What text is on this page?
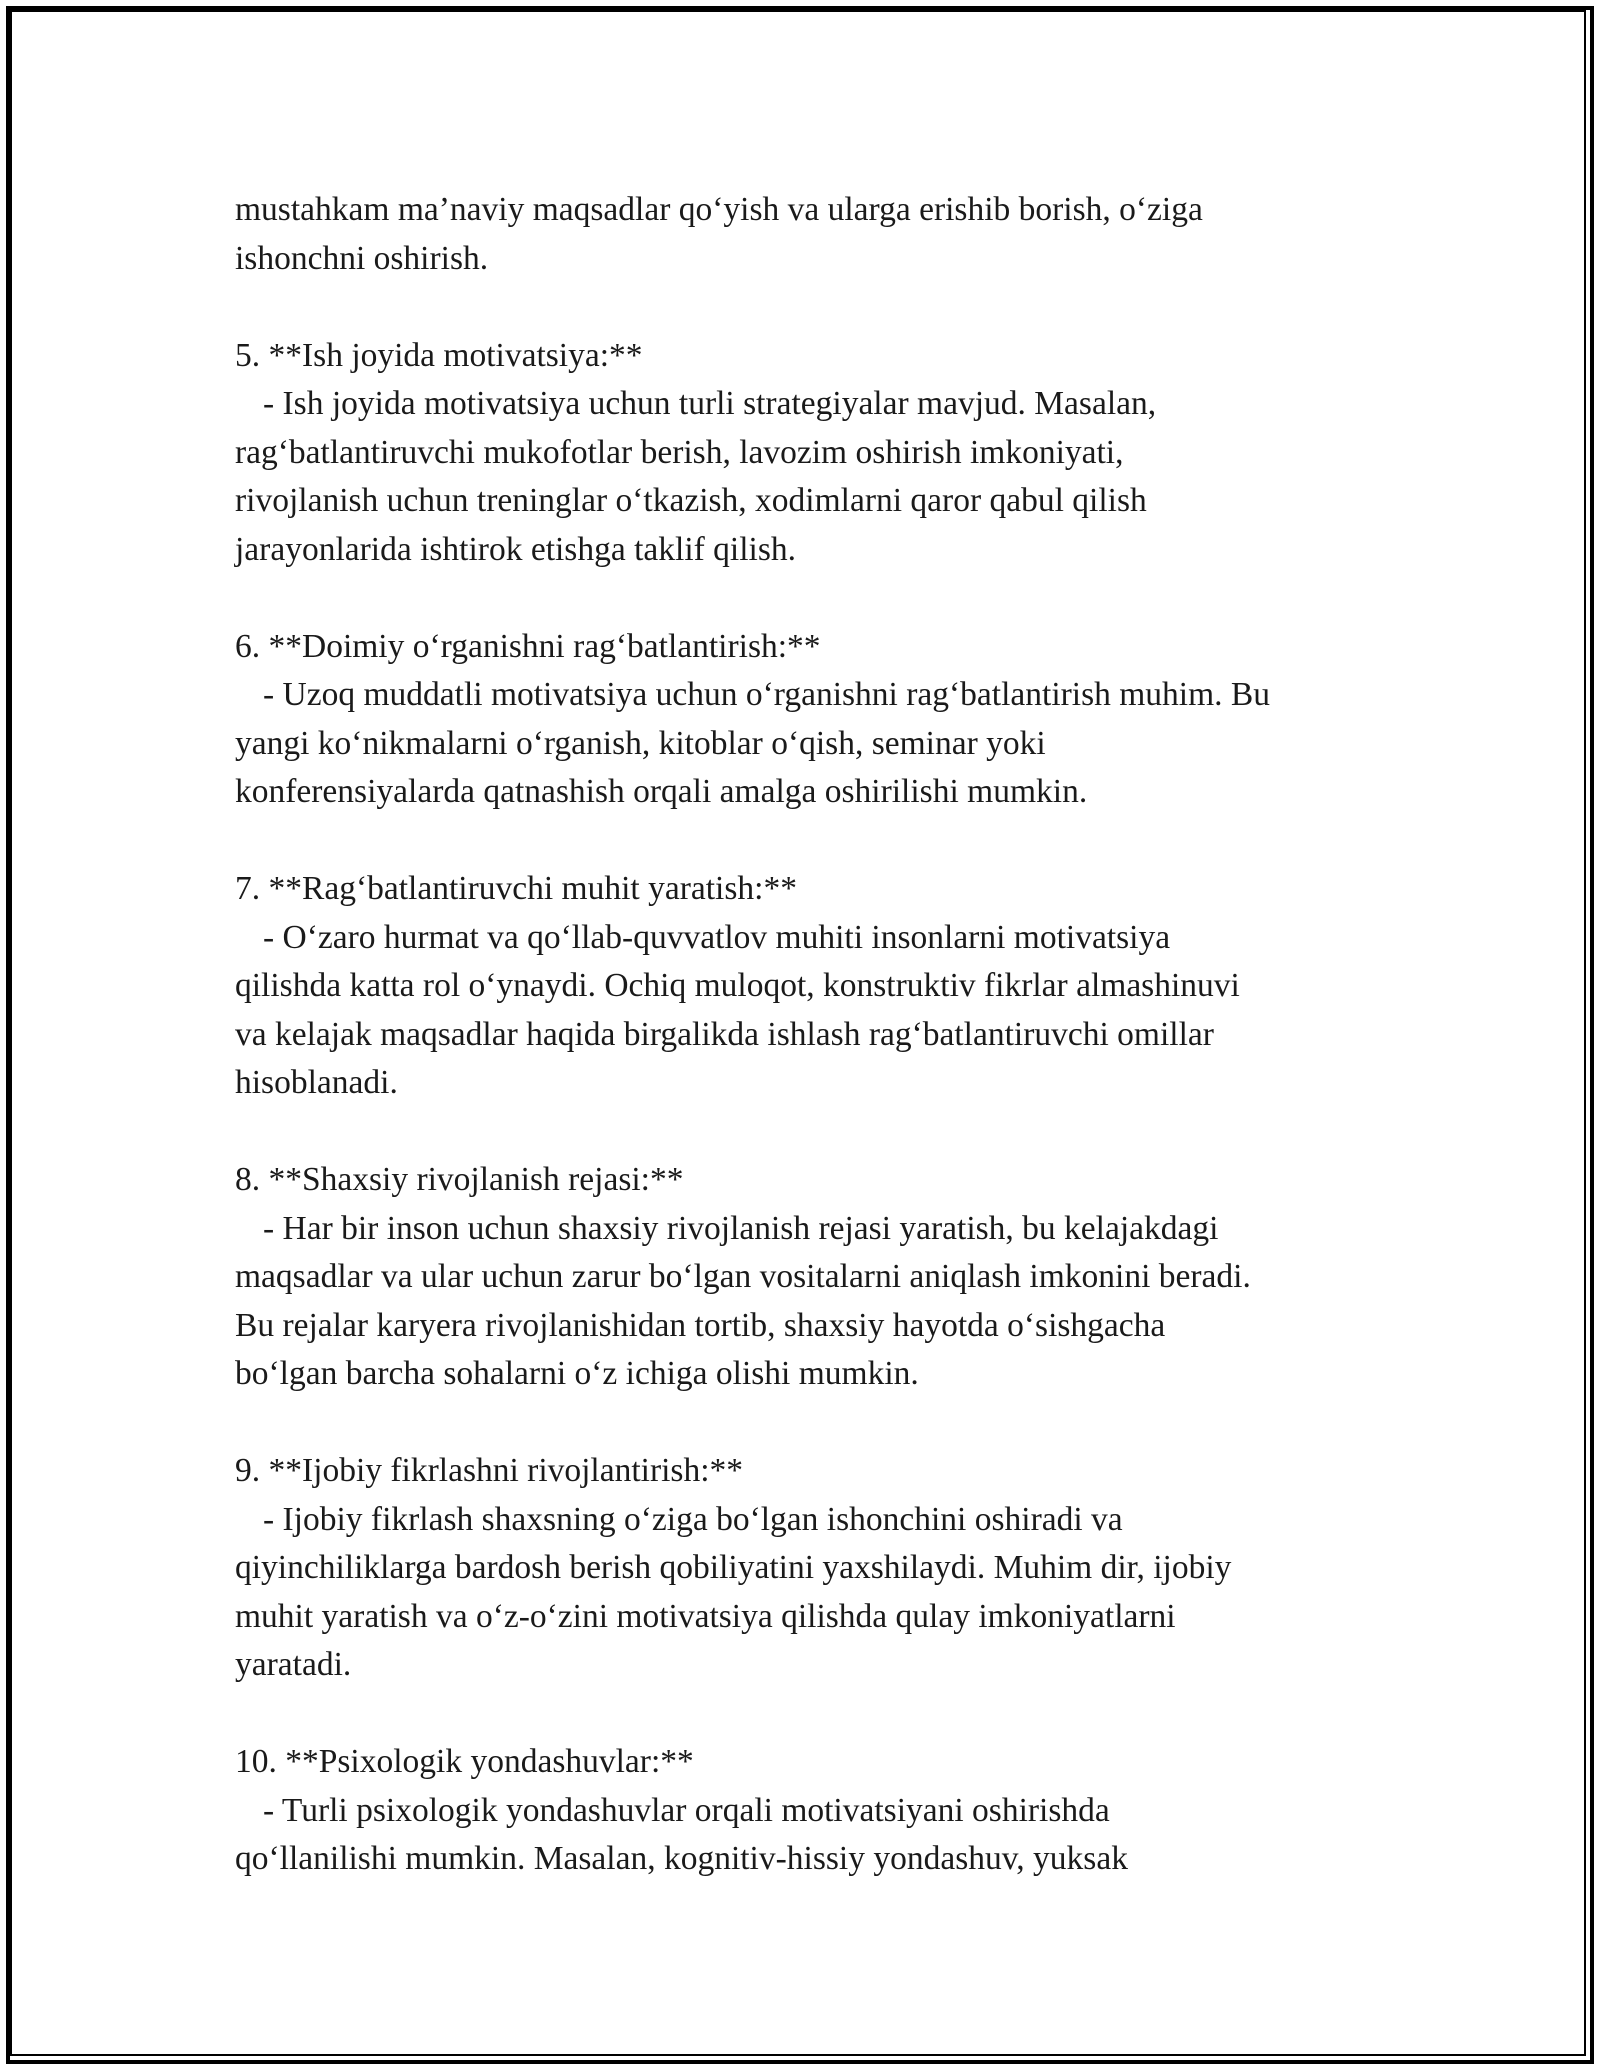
mustahkam ma’naviy maqsadlar qo‘yish va ularga erishib borish, o‘ziga
ishonchni oshirish.
5. **Ish joyida motivatsiya:**
- Ish joyida motivatsiya uchun turli strategiyalar mavjud. Masalan,
rag‘batlantiruvchi mukofotlar berish, lavozim oshirish imkoniyati,
rivojlanish uchun treninglar o‘tkazish, xodimlarni qaror qabul qilish
jarayonlarida ishtirok etishga taklif qilish.
6. **Doimiy o‘rganishni rag‘batlantirish:**
- Uzoq muddatli motivatsiya uchun o‘rganishni rag‘batlantirish muhim. Bu
yangi ko‘nikmalarni o‘rganish, kitoblar o‘qish, seminar yoki
konferensiyalarda qatnashish orqali amalga oshirilishi mumkin.
7. **Rag‘batlantiruvchi muhit yaratish:**
- O‘zaro hurmat va qo‘llab-quvvatlov muhiti insonlarni motivatsiya
qilishda katta rol o‘ynaydi. Ochiq muloqot, konstruktiv fikrlar almashinuvi
va kelajak maqsadlar haqida birgalikda ishlash rag‘batlantiruvchi omillar
hisoblanadi.
8. **Shaxsiy rivojlanish rejasi:**
- Har bir inson uchun shaxsiy rivojlanish rejasi yaratish, bu kelajakdagi
maqsadlar va ular uchun zarur bo‘lgan vositalarni aniqlash imkonini beradi.
Bu rejalar karyera rivojlanishidan tortib, shaxsiy hayotda o‘sishgacha
bo‘lgan barcha sohalarni o‘z ichiga olishi mumkin.
9. **Ijobiy fikrlashni rivojlantirish:**
- Ijobiy fikrlash shaxsning o‘ziga bo‘lgan ishonchini oshiradi va
qiyinchiliklarga bardosh berish qobiliyatini yaxshilaydi. Muhim dir, ijobiy
muhit yaratish va o‘z-o‘zini motivatsiya qilishda qulay imkoniyatlarni
yaratadi.
10. **Psixologik yondashuvlar:**
- Turli psixologik yondashuvlar orqali motivatsiyani oshirishda
qo‘llanilishi mumkin. Masalan, kognitiv-hissiy yondashuv, yuksak
